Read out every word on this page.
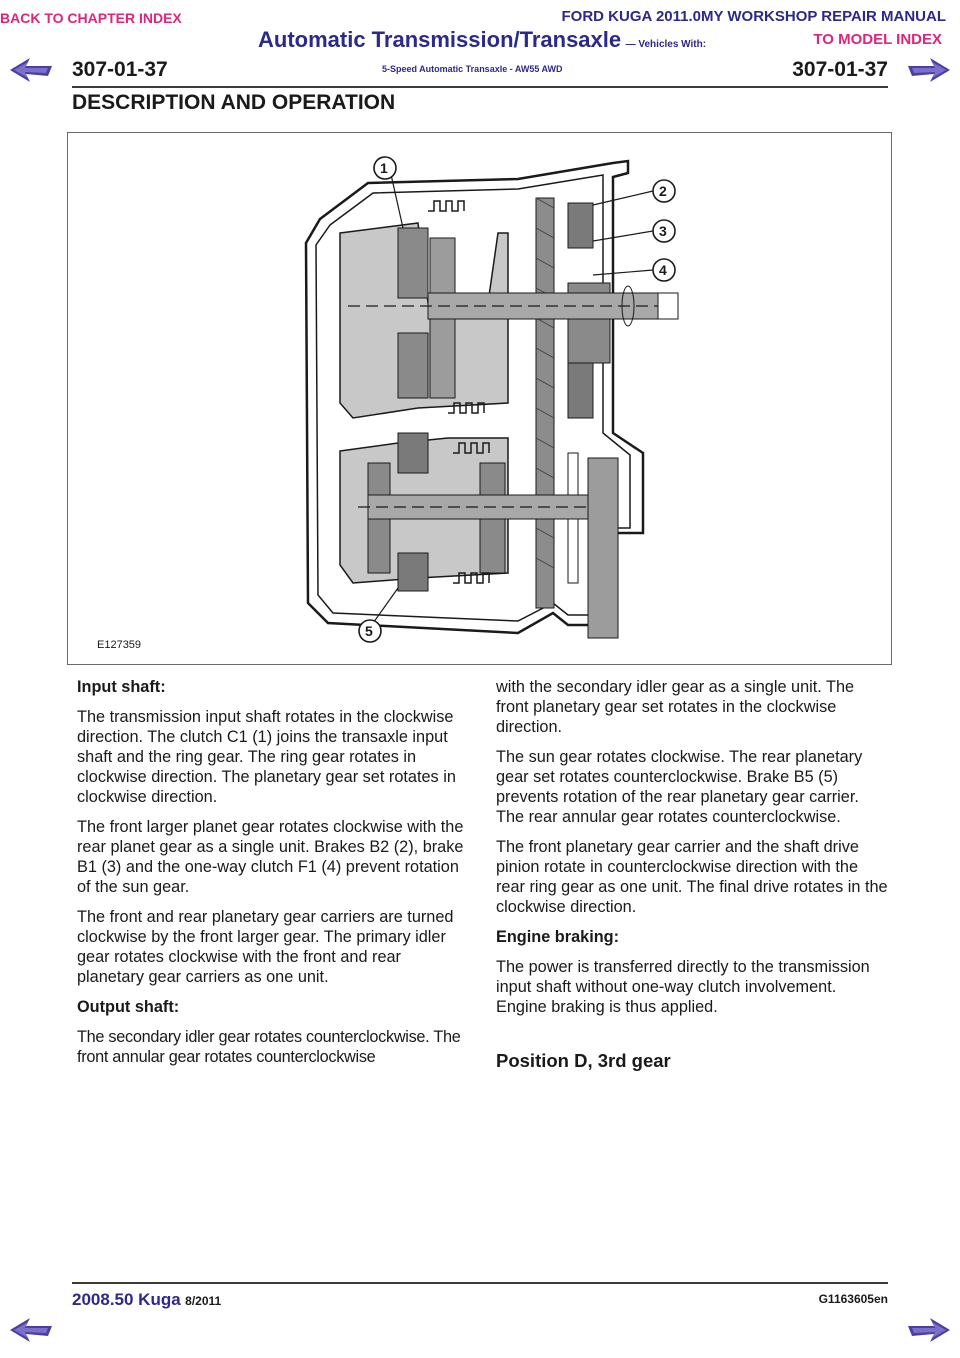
BACK TO CHAPTER INDEX	FORD KUGA 2011.0MY WORKSHOP REPAIR MANUAL
TO MODEL INDEX
Automatic Transmission/Transaxle — Vehicles With:
5-Speed Automatic Transaxle - AW55 AWD
307-01-37	307-01-37
DESCRIPTION AND OPERATION
1
2
3
4
5
E127359

Input shaft:

The transmission input shaft rotates in the clockwise direction. The clutch C1 (1) joins the transaxle input shaft and the ring gear. The ring gear rotates in clockwise direction. The planetary gear set rotates in clockwise direction.

The front larger planet gear rotates clockwise with the rear planet gear as a single unit. Brakes B2 (2), brake B1 (3) and the one-way clutch F1 (4) prevent rotation of the sun gear.

The front and rear planetary gear carriers are turned clockwise by the front larger gear. The primary idler gear rotates clockwise with the front and rear planetary gear carriers as one unit.

Output shaft:

The secondary idler gear rotates counterclockwise. The front annular gear rotates counterclockwise

with the secondary idler gear as a single unit. The front planetary gear set rotates in the clockwise direction.

The sun gear rotates clockwise. The rear planetary gear set rotates counterclockwise. Brake B5 (5) prevents rotation of the rear planetary gear carrier. The rear annular gear rotates counterclockwise.

The front planetary gear carrier and the shaft drive pinion rotate in counterclockwise direction with the rear ring gear as one unit. The final drive rotates in the clockwise direction.

Engine braking:

The power is transferred directly to the transmission input shaft without one-way clutch involvement. Engine braking is thus applied.

Position D, 3rd gear
2008.50 Kuga 8/2011	G1163605en
